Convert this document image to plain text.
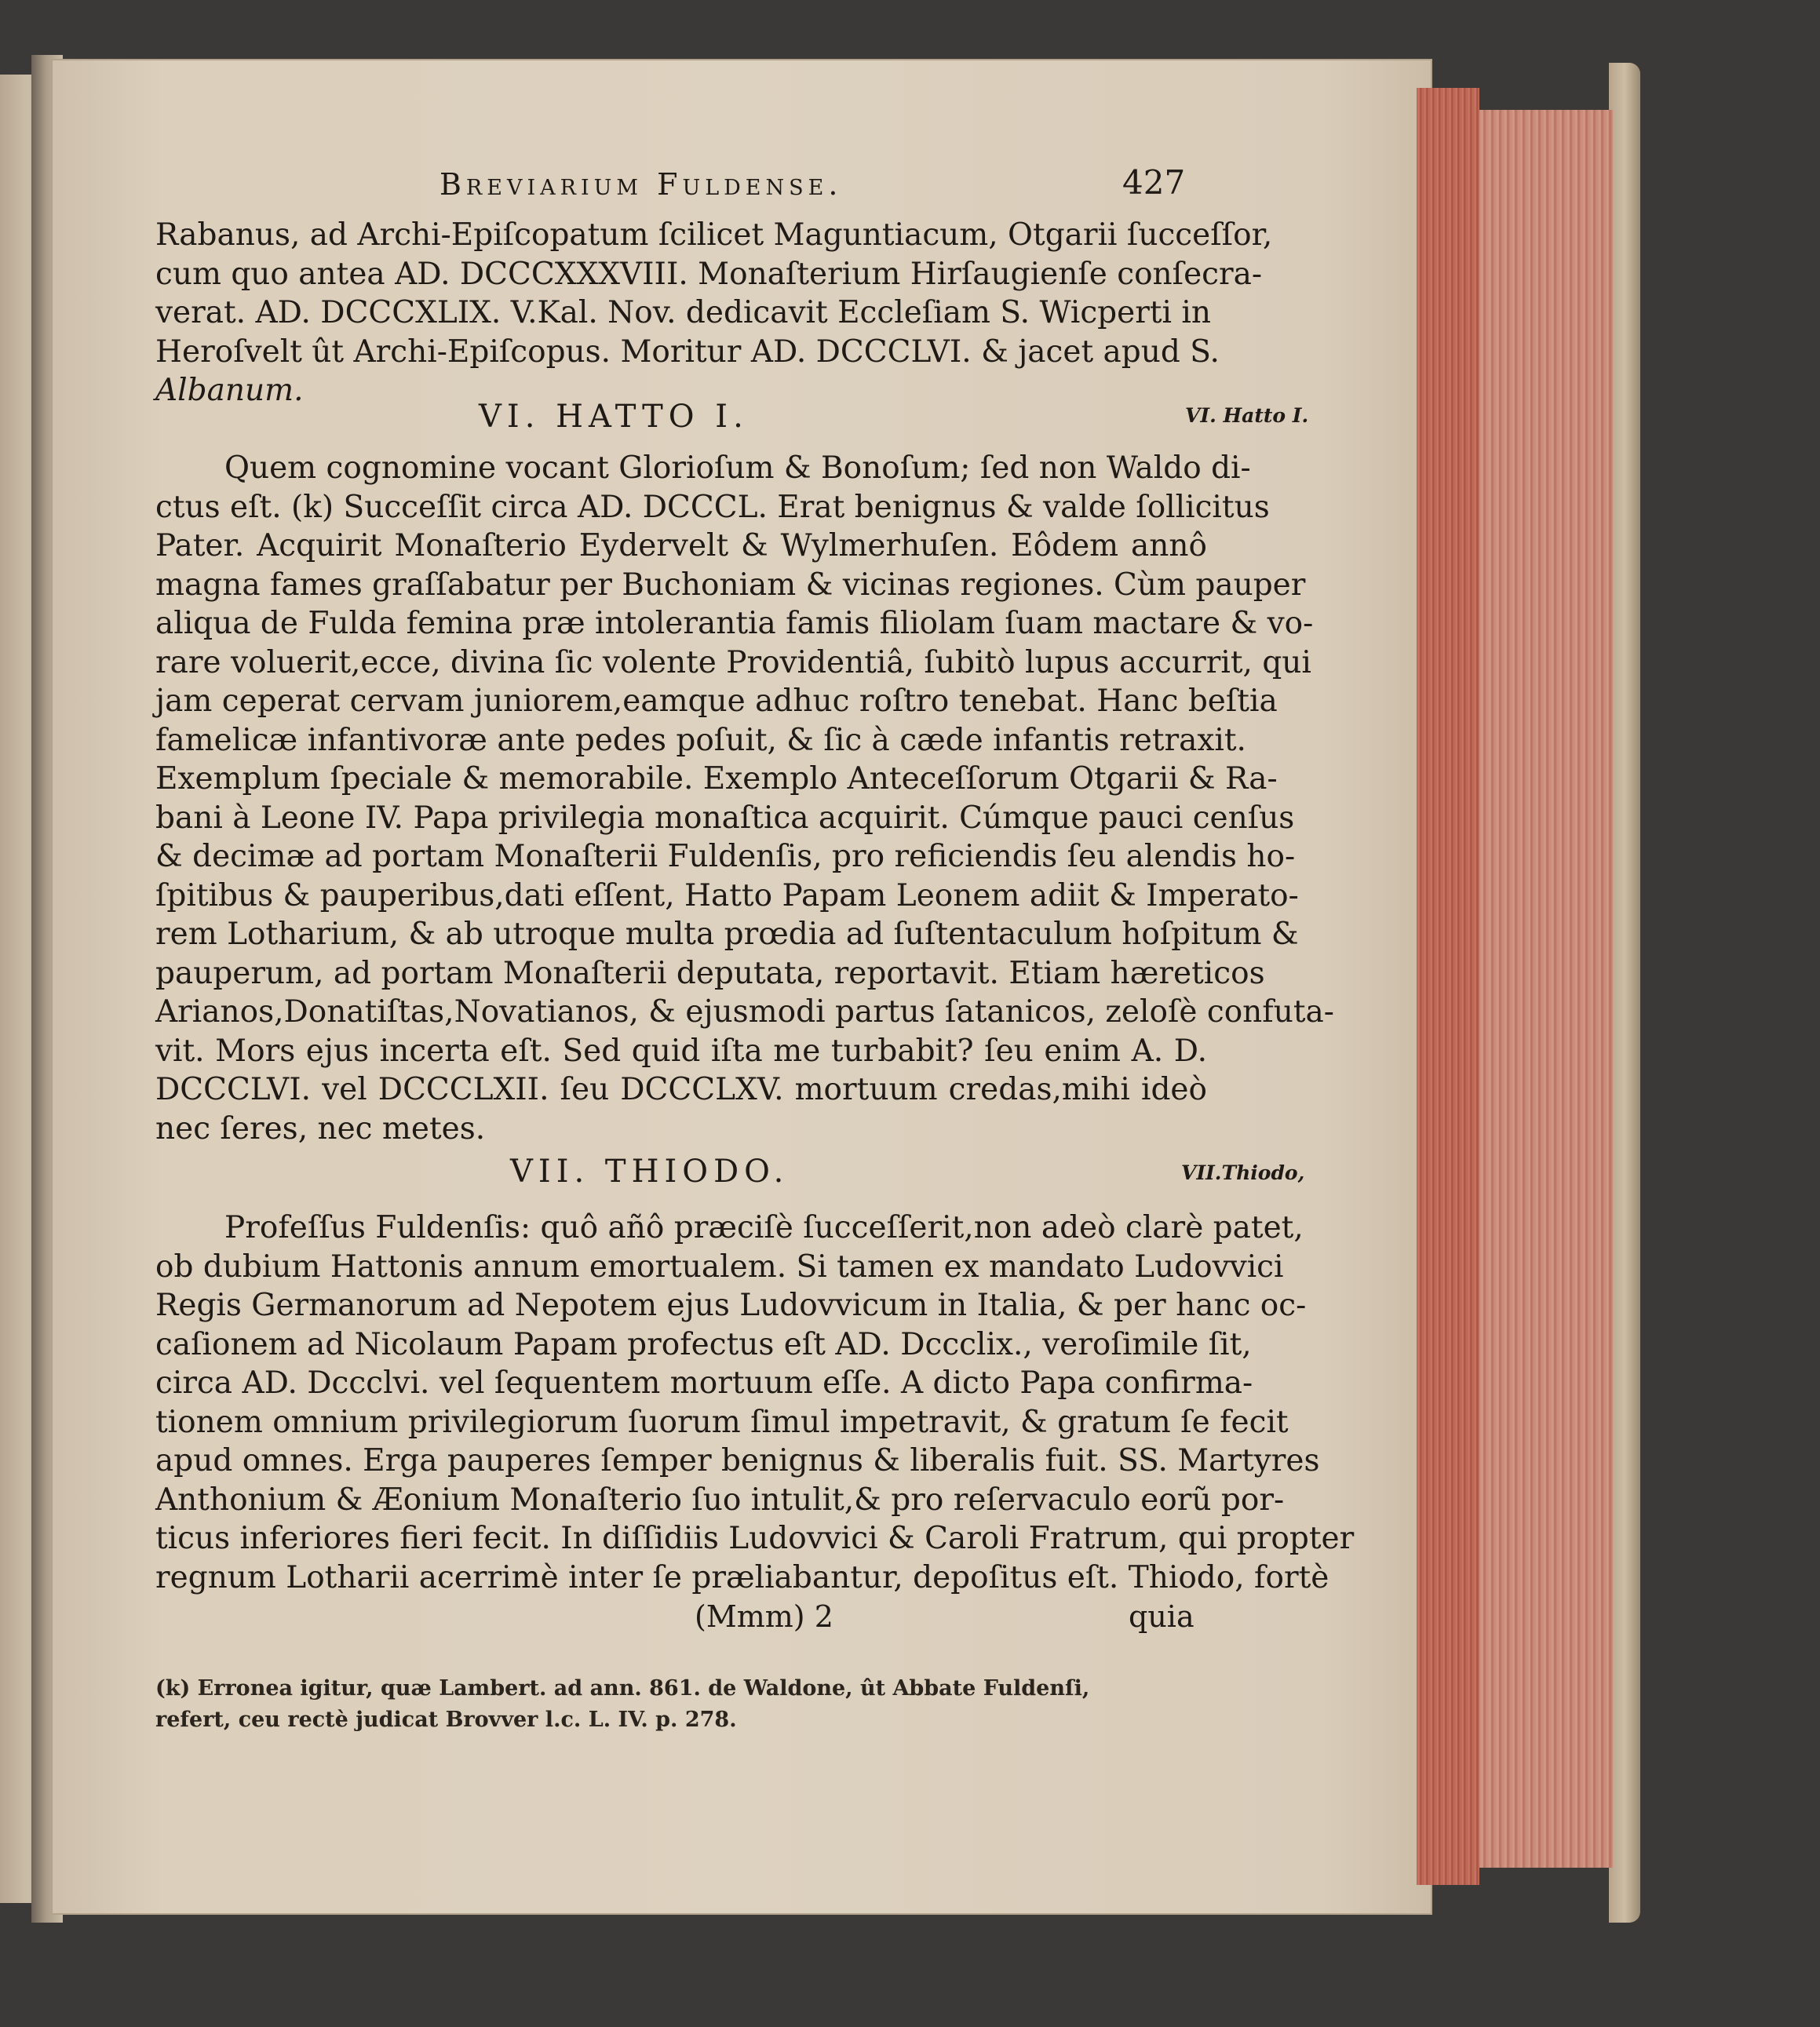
Breviarium Fuldense.	427
Rabanus, ad Archi-Epiſcopatum ſcilicet Maguntiacum, Otgarii ſucceſſor,
cum quo antea AD. DCCCXXXVIII. Monaſterium Hirſaugienſe conſecra-
verat. AD. DCCCXLIX. V.Kal. Nov. dedicavit Eccleſiam S. Wicperti in
Heroſvelt ût Archi-Epiſcopus. Moritur AD. DCCCLVI. & jacet apud S.
Albanum.
VI. HATTO I.	VI. Hatto I.
Quem cognomine vocant Glorioſum & Bonoſum; ſed non Waldo di-
ctus eſt. (k) Succeſſit circa AD. DCCCL. Erat benignus & valde ſollicitus
Pater. Acquirit Monaſterio Eydervelt & Wylmerhuſen. Eôdem annô
magna fames graſſabatur per Buchoniam & vicinas regiones. Cùm pauper
aliqua de Fulda femina præ intolerantia famis filiolam ſuam mactare & vo-
rare voluerit,ecce, divina ſic volente Providentiâ, ſubitò lupus accurrit, qui
jam ceperat cervam juniorem,eamque adhuc roſtro tenebat. Hanc beſtia
famelicæ infantivoræ ante pedes poſuit, & ſic à cæde infantis retraxit.
Exemplum ſpeciale & memorabile. Exemplo Anteceſſorum Otgarii & Ra-
bani à Leone IV. Papa privilegia monaſtica acquirit. Cúmque pauci cenſus
& decimæ ad portam Monaſterii Fuldenſis, pro reficiendis ſeu alendis ho-
ſpitibus & pauperibus,dati eſſent, Hatto Papam Leonem adiit & Imperato-
rem Lotharium, & ab utroque multa prœdia ad ſuſtentaculum hoſpitum &
pauperum, ad portam Monaſterii deputata, reportavit. Etiam hæreticos
Arianos,Donatiſtas,Novatianos, & ejusmodi partus ſatanicos, zeloſè confuta-
vit. Mors ejus incerta eſt. Sed quid iſta me turbabit? ſeu enim A. D.
DCCCLVI. vel DCCCLXII. ſeu DCCCLXV. mortuum credas,mihi ideò
nec ſeres, nec metes.
VII. THIODO.	VII.Thiodo,
Profeſſus Fuldenſis: quô añô præciſè ſucceſſerit,non adeò clarè patet,
ob dubium Hattonis annum emortualem. Si tamen ex mandato Ludovvici
Regis Germanorum ad Nepotem ejus Ludovvicum in Italia, & per hanc oc-
caſionem ad Nicolaum Papam profectus eſt AD. Dccclix., veroſimile ſit,
circa AD. Dccclvi. vel ſequentem mortuum eſſe. A dicto Papa confirma-
tionem omnium privilegiorum ſuorum ſimul impetravit, & gratum ſe fecit
apud omnes. Erga pauperes ſemper benignus & liberalis fuit. SS. Martyres
Anthonium & Æonium Monaſterio ſuo intulit,& pro reſervaculo eorũ por-
ticus inferiores fieri fecit. In diſſidiis Ludovvici & Caroli Fratrum, qui propter
regnum Lotharii acerrimè inter ſe præliabantur, depoſitus eſt. Thiodo, fortè
(Mmm) 2	quia
(k) Erronea igitur, quæ Lambert. ad ann. 861. de Waldone, ût Abbate Fuldenſi,
refert, ceu rectè judicat Brovver l.c. L. IV. p. 278.
